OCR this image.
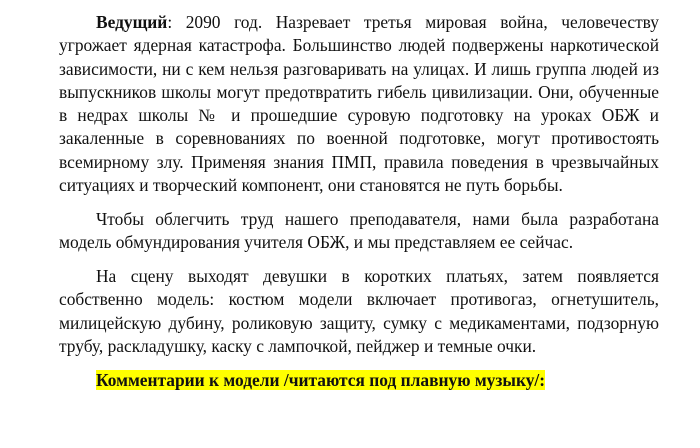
Ведущий: 2090 год. Назревает третья мировая война, человечеству угрожает ядерная катастрофа. Большинство людей подвержены наркотической зависимости, ни с кем нельзя разговаривать на улицах. И лишь группа людей из выпускников школы могут предотвратить гибель цивилизации. Они, обученные в недрах школы № и прошедшие суровую подготовку на уроках ОБЖ и закаленные в соревнованиях по военной подготовке, могут противостоять всемирному злу. Применяя знания ПМП, правила поведения в чрезвычайных ситуациях и творческий компонент, они становятся не путь борьбы.

Чтобы облегчить труд нашего преподавателя, нами была разработана модель обмундирования учителя ОБЖ, и мы представляем ее сейчас.

На сцену выходят девушки в коротких платьях, затем появляется собственно модель: костюм модели включает противогаз, огнетушитель, милицейскую дубину, роликовую защиту, сумку с медикаментами, подзорную трубу, раскладушку, каску с лампочкой, пейджер и темные очки.

Комментарии к модели /читаются под плавную музыку/:
